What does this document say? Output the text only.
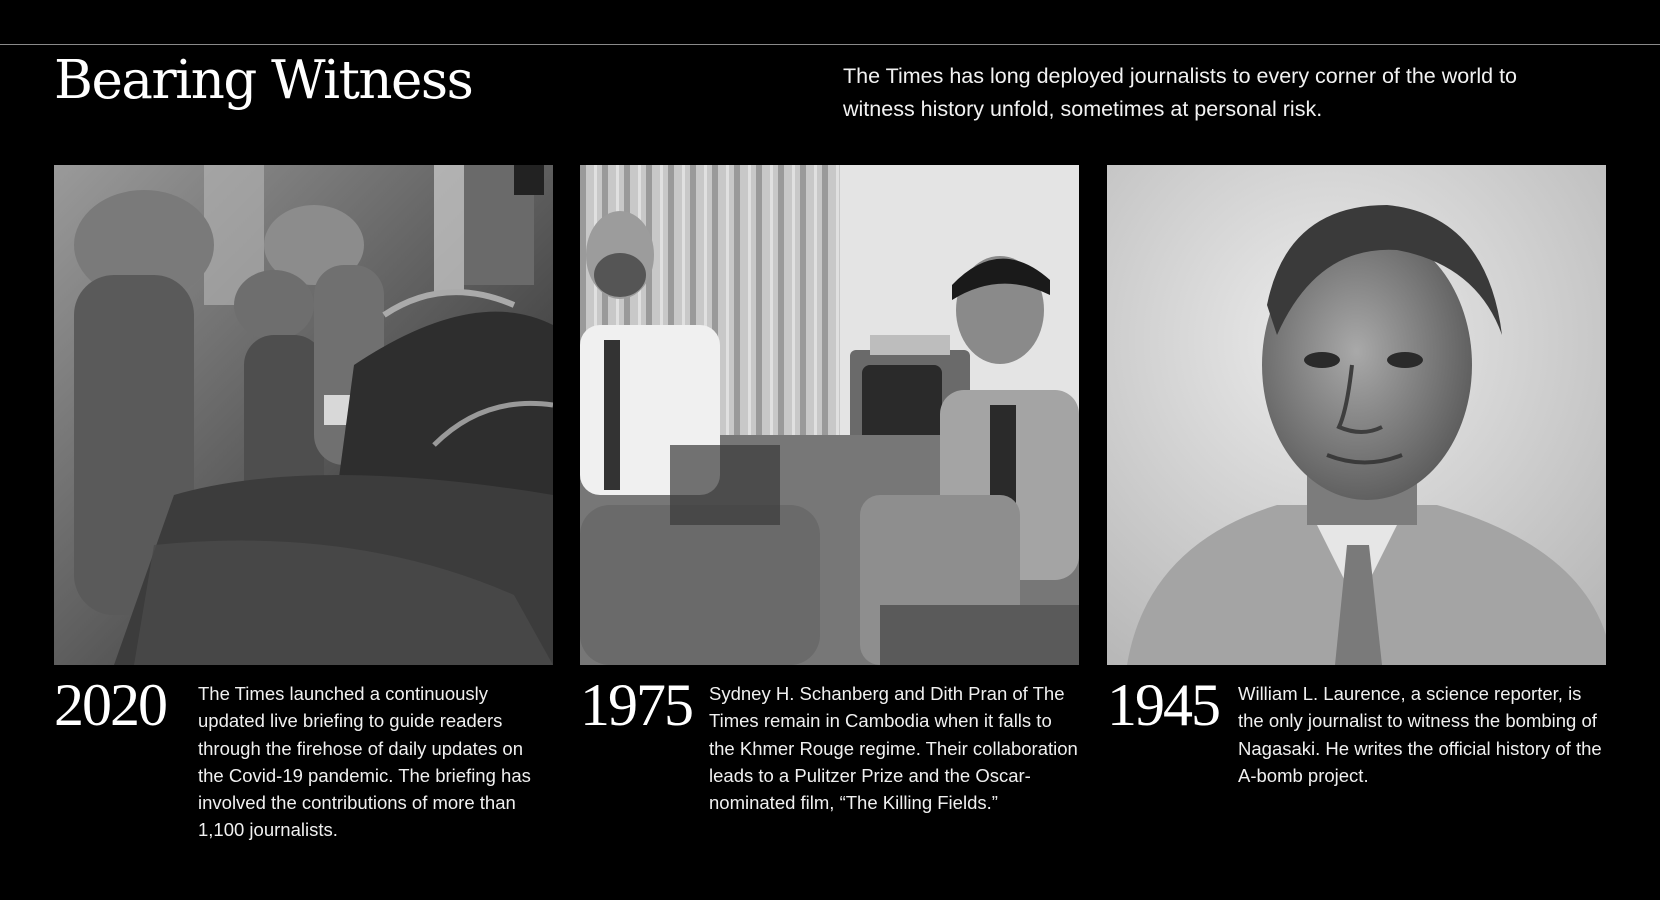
Bearing Witness	The Times has long deployed journalists to every corner of the world to witness history unfold, sometimes at personal risk.

2020 The Times launched a continuously updated live briefing to guide readers through the firehose of daily updates on the Covid-19 pandemic. The briefing has involved the contributions of more than 1,100 journalists.

1975 Sydney H. Schanberg and Dith Pran of The Times remain in Cambodia when it falls to the Khmer Rouge regime. Their collaboration leads to a Pulitzer Prize and the Oscar-nominated film, “The Killing Fields.”

1945 William L. Laurence, a science reporter, is the only journalist to witness the bombing of Nagasaki. He writes the official history of the A-bomb project.
